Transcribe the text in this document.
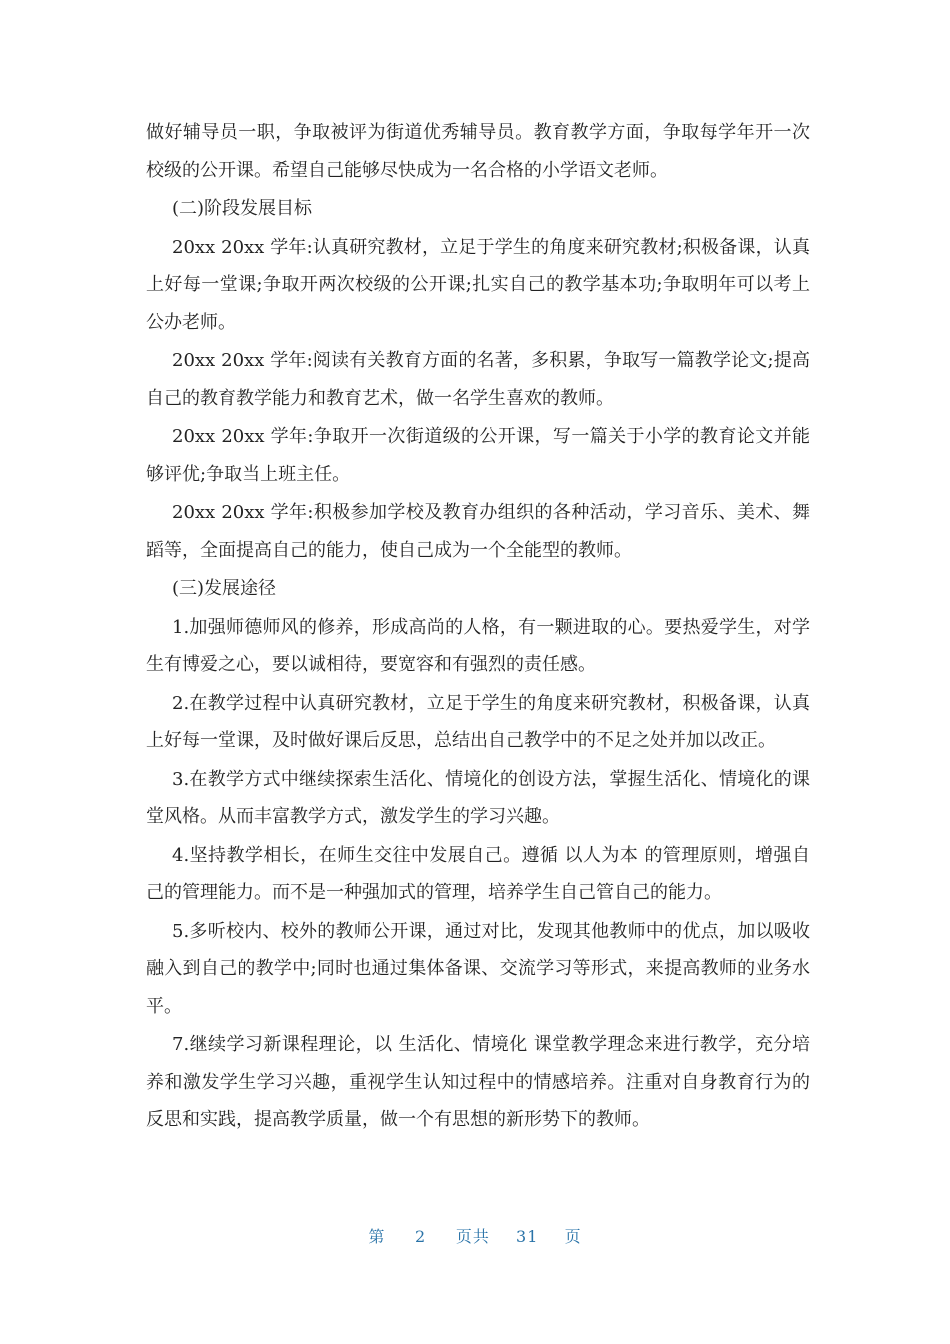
做好辅导员一职，争取被评为街道优秀辅导员。教育教学方面，争取每学年开一次校级的公开课。希望自己能够尽快成为一名合格的小学语文老师。

(二)阶段发展目标

20xx 20xx 学年:认真研究教材，立足于学生的角度来研究教材;积极备课，认真上好每一堂课;争取开两次校级的公开课;扎实自己的教学基本功;争取明年可以考上公办老师。

20xx 20xx 学年:阅读有关教育方面的名著，多积累，争取写一篇教学论文;提高自己的教育教学能力和教育艺术，做一名学生喜欢的教师。

20xx 20xx 学年:争取开一次街道级的公开课，写一篇关于小学的教育论文并能够评优;争取当上班主任。

20xx 20xx 学年:积极参加学校及教育办组织的各种活动，学习音乐、美术、舞蹈等，全面提高自己的能力，使自己成为一个全能型的教师。

(三)发展途径

1.加强师德师风的修养，形成高尚的人格，有一颗进取的心。要热爱学生，对学生有博爱之心，要以诚相待，要宽容和有强烈的责任感。

2.在教学过程中认真研究教材，立足于学生的角度来研究教材，积极备课，认真上好每一堂课，及时做好课后反思，总结出自己教学中的不足之处并加以改正。

3.在教学方式中继续探索生活化、情境化的创设方法，掌握生活化、情境化的课堂风格。从而丰富教学方式，激发学生的学习兴趣。

4.坚持教学相长，在师生交往中发展自己。遵循 以人为本 的管理原则，增强自己的管理能力。而不是一种强加式的管理，培养学生自己管自己的能力。

5.多听校内、校外的教师公开课，通过对比，发现其他教师中的优点，加以吸收融入到自己的教学中;同时也通过集体备课、交流学习等形式，来提高教师的业务水平。

7.继续学习新课程理论，以 生活化、情境化 课堂教学理念来进行教学，充分培养和激发学生学习兴趣，重视学生认知过程中的情感培养。注重对自身教育行为的反思和实践，提高教学质量，做一个有思想的新形势下的教师。

第 2 页共 31 页
